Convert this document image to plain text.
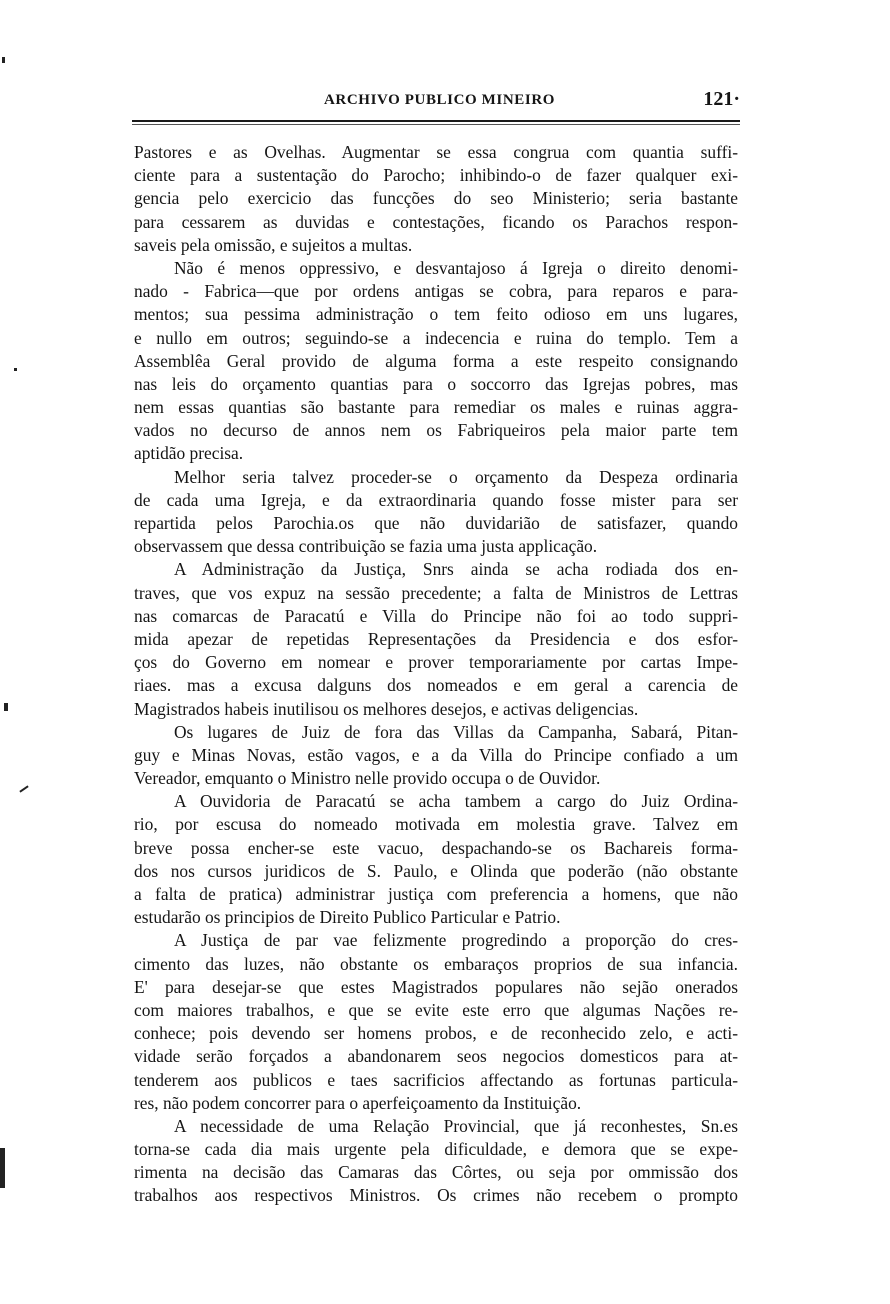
ARCHIVO PUBLICO MINEIRO	121·
Pastores e as Ovelhas. Augmentar se essa congrua com quantia suffi-
ciente para a sustentação do Parocho; inhibindo-o de fazer qualquer exi-
gencia pelo exercicio das funcções do seo Ministerio; seria bastante
para cessarem as duvidas e contestações, ficando os Parachos respon-
saveis pela omissão, e sujeitos a multas.
Não é menos oppressivo, e desvantajoso á Igreja o direito denomi-
nado - Fabrica—que por ordens antigas se cobra, para reparos e para-
mentos; sua pessima administração o tem feito odioso em uns lugares,
e nullo em outros; seguindo-se a indecencia e ruina do templo. Tem a
Assemblêa Geral provido de alguma forma a este respeito consignando
nas leis do orçamento quantias para o soccorro das Igrejas pobres, mas
nem essas quantias são bastante para remediar os males e ruinas aggra-
vados no decurso de annos nem os Fabriqueiros pela maior parte tem
aptidão precisa.
Melhor seria talvez proceder-se o orçamento da Despeza ordinaria
de cada uma Igreja, e da extraordinaria quando fosse mister para ser
repartida pelos Parochia.os que não duvidarião de satisfazer, quando
observassem que dessa contribuição se fazia uma justa applicação.
A Administração da Justiça, Snrs ainda se acha rodiada dos en-
traves, que vos expuz na sessão precedente; a falta de Ministros de Lettras
nas comarcas de Paracatú e Villa do Principe não foi ao todo suppri-
mida apezar de repetidas Representações da Presidencia e dos esfor-
ços do Governo em nomear e prover temporariamente por cartas Impe-
riaes. mas a excusa dalguns dos nomeados e em geral a carencia de
Magistrados habeis inutilisou os melhores desejos, e activas deligencias.
Os lugares de Juiz de fora das Villas da Campanha, Sabará, Pitan-
guy e Minas Novas, estão vagos, e a da Villa do Principe confiado a um
Vereador, emquanto o Ministro nelle provido occupa o de Ouvidor.
A Ouvidoria de Paracatú se acha tambem a cargo do Juiz Ordina-
rio, por escusa do nomeado motivada em molestia grave. Talvez em
breve possa encher-se este vacuo, despachando-se os Bachareis forma-
dos nos cursos juridicos de S. Paulo, e Olinda que poderão (não obstante
a falta de pratica) administrar justiça com preferencia a homens, que não
estudarão os principios de Direito Publico Particular e Patrio.
A Justiça de par vae felizmente progredindo a proporção do cres-
cimento das luzes, não obstante os embaraços proprios de sua infancia.
E' para desejar-se que estes Magistrados populares não sejão onerados
com maiores trabalhos, e que se evite este erro que algumas Nações re-
conhece; pois devendo ser homens probos, e de reconhecido zelo, e acti-
vidade serão forçados a abandonarem seos negocios domesticos para at-
tenderem aos publicos e taes sacrificios affectando as fortunas particula-
res, não podem concorrer para o aperfeiçoamento da Instituição.
A necessidade de uma Relação Provincial, que já reconhestes, Sn.es
torna-se cada dia mais urgente pela dificuldade, e demora que se expe-
rimenta na decisão das Camaras das Côrtes, ou seja por ommissão dos
trabalhos aos respectivos Ministros. Os crimes não recebem o prompto
